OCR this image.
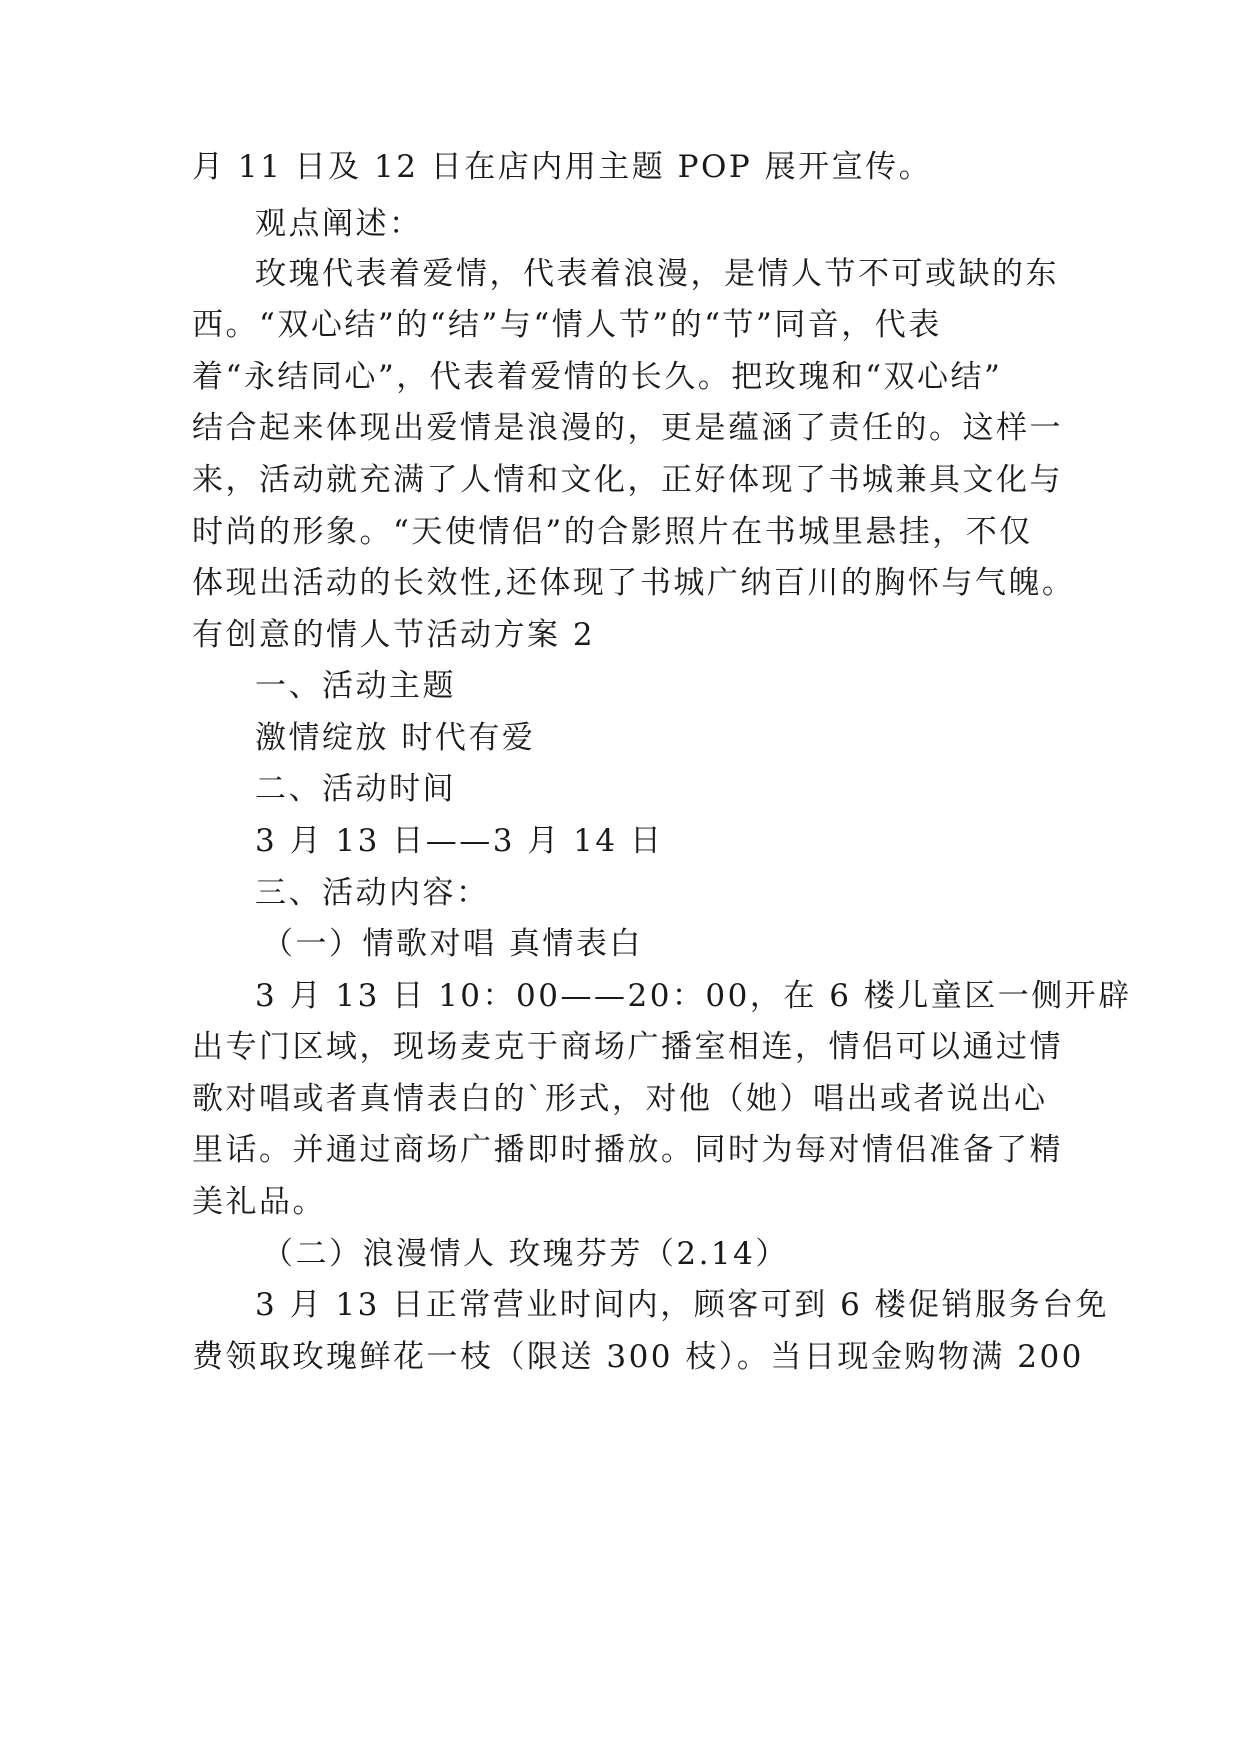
月 11 日及 12 日在店内用主题 POP 展开宣传。
观点阐述：
玫瑰代表着爱情，代表着浪漫，是情人节不可或缺的东
西。“双心结”的“结”与“情人节”的“节”同音，代表
着“永结同心”，代表着爱情的长久。把玫瑰和“双心结”
结合起来体现出爱情是浪漫的，更是蕴涵了责任的。这样一
来，活动就充满了人情和文化，正好体现了书城兼具文化与
时尚的形象。“天使情侣”的合影照片在书城里悬挂，不仅
体现出活动的长效性,还体现了书城广纳百川的胸怀与气魄。
有创意的情人节活动方案 2
一、活动主题
激情绽放 时代有爱
二、活动时间
3 月 13 日——3 月 14 日
三、活动内容：
（一）情歌对唱 真情表白
3 月 13 日 10：00——20：00，在 6 楼儿童区一侧开辟
出专门区域，现场麦克于商场广播室相连，情侣可以通过情
歌对唱或者真情表白的`形式，对他（她）唱出或者说出心
里话。并通过商场广播即时播放。同时为每对情侣准备了精
美礼品。
（二）浪漫情人 玫瑰芬芳（2.14）
3 月 13 日正常营业时间内，顾客可到 6 楼促销服务台免
费领取玫瑰鲜花一枝（限送 300 枝）。当日现金购物满 200
